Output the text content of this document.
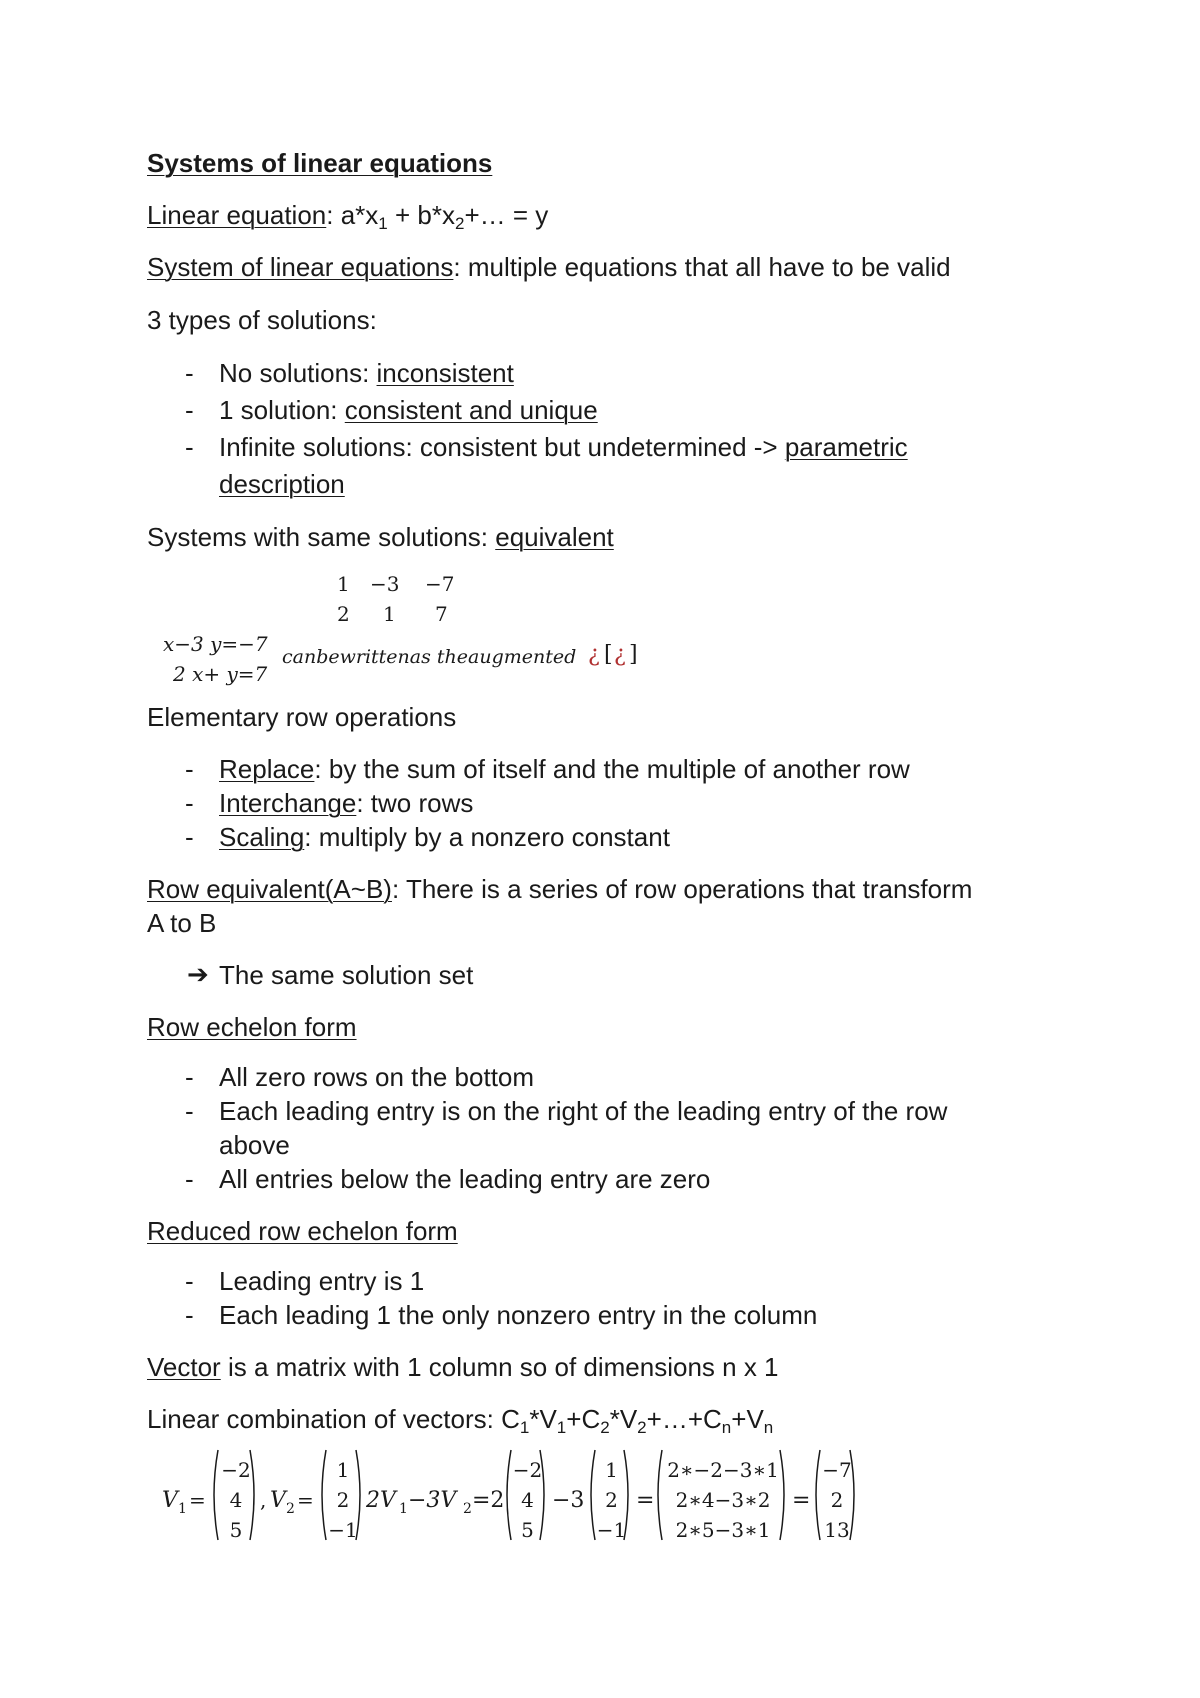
Systems of linear equations
Linear equation: $a*x_1$ + $b*x_2+\dots = y$
System of linear equations: multiple equations that all have to be valid
3 types of solutions:
- No solutions: inconsistent
- 1 solution: consistent and unique
- Infinite solutions: consistent but undetermined -> parametric
description
Systems with same solutions: equivalent
1 −3 −7
2 1 7
x−3 y=−7
2 x+ y=7
canbewrittenas theaugmented ¿ [ ¿ ]
Elementary row operations
- Replace: by the sum of itself and the multiple of another row
- Interchange: two rows
- Scaling: multiply by a nonzero constant
Row equivalent(A~B): There is a series of row operations that transform
A to B
➔ The same solution set
Row echelon form
- All zero rows on the bottom
- Each leading entry is on the right of the leading entry of the row
above
- All entries below the leading entry are zero
Reduced row echelon form
- Leading entry is 1
- Each leading 1 the only nonzero entry in the column
Vector is a matrix with 1 column so of dimensions n x 1
Linear combination of vectors: $C_1*V_1+C_2*V_2+\dots+C_n+V_n$
V 1 =
−2
4
5
, V 2 =
1
2
−1
2V 1 −3V 2 =2
−2
4
5
−3
1
2
−1
=
2∗−2−3∗1
2∗4−3∗2
2∗5−3∗1
=
−7
2
13
